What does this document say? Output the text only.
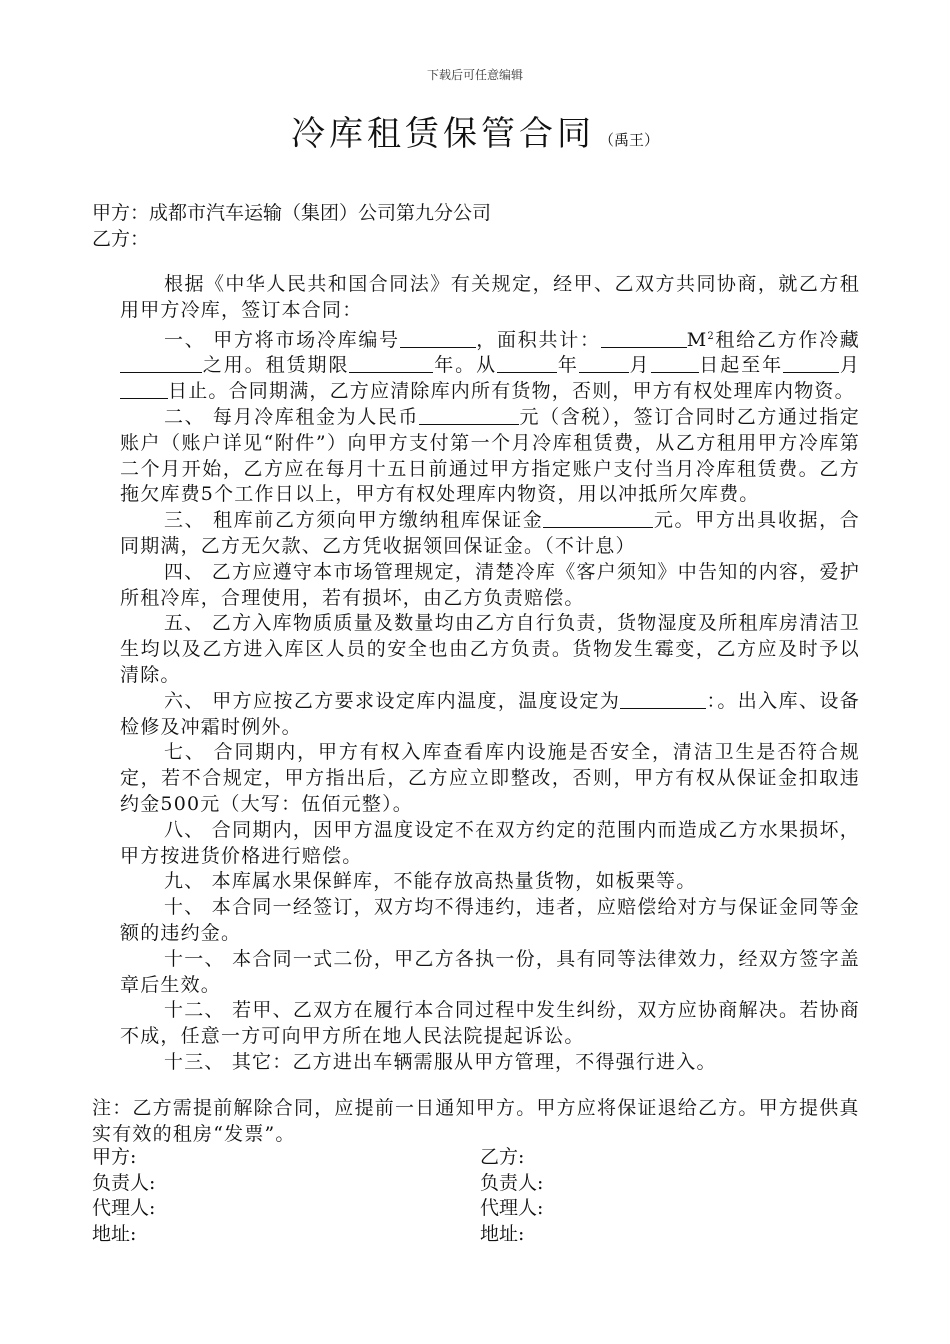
下载后可任意编辑
冷库租赁保管合同 （禹王）
甲方：成都市汽车运输（集团）公司第九分公司
乙方：

根据《中华人民共和国合同法》有关规定，经甲、乙双方共同协商，就乙方租用甲方冷库，签订本合同：

一、 甲方将市场冷库编号	，面积共计：	$M^2$租给乙方作冷藏之用。租赁期限	年。从	年	月	日起至年	月日止。合同期满，乙方应清除库内所有货物，否则，甲方有权处理库内物资。

二、 每月冷库租金为人民币	元（含税），签订合同时乙方通过指定账户（账户详见“附件”）向甲方支付第一个月冷库租赁费，从乙方租用甲方冷库第二个月开始，乙方应在每月十五日前通过甲方指定账户支付当月冷库租赁费。乙方拖欠库费5个工作日以上，甲方有权处理库内物资，用以冲抵所欠库费。

三、 租库前乙方须向甲方缴纳租库保证金	元。甲方出具收据，合同期满，乙方无欠款、乙方凭收据领回保证金。（不计息）

四、 乙方应遵守本市场管理规定，清楚冷库《客户须知》中告知的内容，爱护所租冷库，合理使用，若有损坏，由乙方负责赔偿。

五、 乙方入库物质质量及数量均由乙方自行负责，货物湿度及所租库房清洁卫生均以及乙方进入库区人员的安全也由乙方负责。货物发生霉变，乙方应及时予以清除。

六、 甲方应按乙方要求设定库内温度，温度设定为	：。出入库、设备检修及冲霜时例外。

七、 合同期内，甲方有权入库查看库内设施是否安全，清洁卫生是否符合规定，若不合规定，甲方指出后，乙方应立即整改，否则，甲方有权从保证金扣取违约金500元（大写：伍佰元整）。

八、 合同期内，因甲方温度设定不在双方约定的范围内而造成乙方水果损坏，甲方按进货价格进行赔偿。

九、 本库属水果保鲜库，不能存放高热量货物，如板栗等。

十、 本合同一经签订，双方均不得违约，违者，应赔偿给对方与保证金同等金额的违约金。

十一、 本合同一式二份，甲乙方各执一份，具有同等法律效力，经双方签字盖章后生效。

十二、 若甲、乙双方在履行本合同过程中发生纠纷，双方应协商解决。若协商不成，任意一方可向甲方所在地人民法院提起诉讼。

十三、 其它：乙方进出车辆需服从甲方管理，不得强行进入。

注：乙方需提前解除合同，应提前一日通知甲方。甲方应将保证退给乙方。甲方提供真实有效的租房“发票”。

甲方:	乙方:
负责人:	负责人:
代理人:	代理人:
地址:	地址:
